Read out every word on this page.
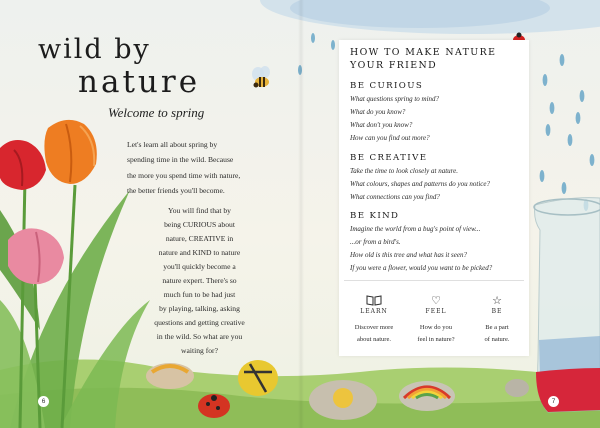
wild by
nature
Welcome to spring
Let's learn all about spring by
spending time in the wild. Because
the more you spend time with nature,
the better friends you'll become.
You will find that by
being CURIOUS about
nature, CREATIVE in
nature and KIND to nature
you'll quickly become a
nature expert. There's so
much fun to be had just
by playing, talking, asking
questions and getting creative
in the wild. So what are you
waiting for?
6
HOW TO MAKE NATURE
YOUR FRIEND
BE CURIOUS
What questions spring to mind?
What do you know?
What don't you know?
How can you find out more?
BE CREATIVE
Take the time to look closely at nature.
What colours, shapes and patterns do you notice?
What connections can you find?
BE KIND
Imagine the world from a bug's point of view...
...or from a bird's.
How old is this tree and what has it seen?
If you were a flower, would you want to be picked?
LEARN
Discover more
about nature.
♡
FEEL
How do you
feel in nature?
☆
BE
Be a part
of nature.
7
